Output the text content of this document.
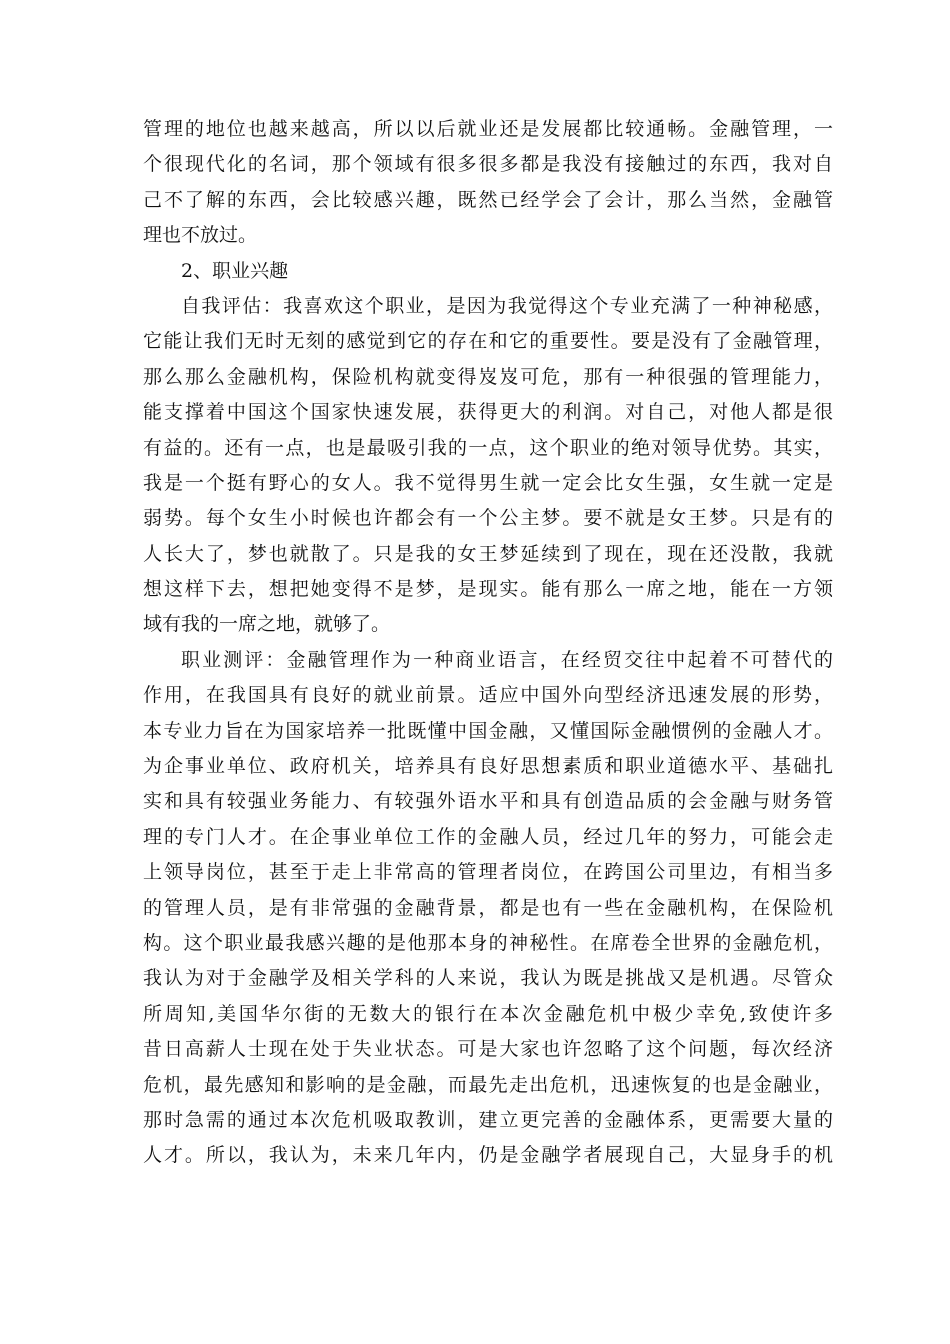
管理的地位也越来越高，所以以后就业还是发展都比较通畅。金融管理，一
个很现代化的名词，那个领域有很多很多都是我没有接触过的东西，我对自
己不了解的东西，会比较感兴趣，既然已经学会了会计，那么当然，金融管
理也不放过。
2、职业兴趣
自我评估：我喜欢这个职业，是因为我觉得这个专业充满了一种神秘感，
它能让我们无时无刻的感觉到它的存在和它的重要性。要是没有了金融管理，
那么那么金融机构，保险机构就变得岌岌可危，那有一种很强的管理能力，
能支撑着中国这个国家快速发展，获得更大的利润。对自己，对他人都是很
有益的。还有一点，也是最吸引我的一点，这个职业的绝对领导优势。其实，
我是一个挺有野心的女人。我不觉得男生就一定会比女生强，女生就一定是
弱势。每个女生小时候也许都会有一个公主梦。要不就是女王梦。只是有的
人长大了，梦也就散了。只是我的女王梦延续到了现在，现在还没散，我就
想这样下去，想把她变得不是梦，是现实。能有那么一席之地，能在一方领
域有我的一席之地，就够了。
职业测评：金融管理作为一种商业语言，在经贸交往中起着不可替代的
作用，在我国具有良好的就业前景。适应中国外向型经济迅速发展的形势，
本专业力旨在为国家培养一批既懂中国金融，又懂国际金融惯例的金融人才。
为企事业单位、政府机关，培养具有良好思想素质和职业道德水平、基础扎
实和具有较强业务能力、有较强外语水平和具有创造品质的会金融与财务管
理的专门人才。在企事业单位工作的金融人员，经过几年的努力，可能会走
上领导岗位，甚至于走上非常高的管理者岗位，在跨国公司里边，有相当多
的管理人员，是有非常强的金融背景，都是也有一些在金融机构，在保险机
构。这个职业最我感兴趣的是他那本身的神秘性。在席卷全世界的金融危机，
我认为对于金融学及相关学科的人来说，我认为既是挑战又是机遇。尽管众
所周知,美国华尔街的无数大的银行在本次金融危机中极少幸免,致使许多
昔日高薪人士现在处于失业状态。可是大家也许忽略了这个问题，每次经济
危机，最先感知和影响的是金融，而最先走出危机，迅速恢复的也是金融业，
那时急需的通过本次危机吸取教训，建立更完善的金融体系，更需要大量的
人才。所以，我认为，未来几年内，仍是金融学者展现自己，大显身手的机
